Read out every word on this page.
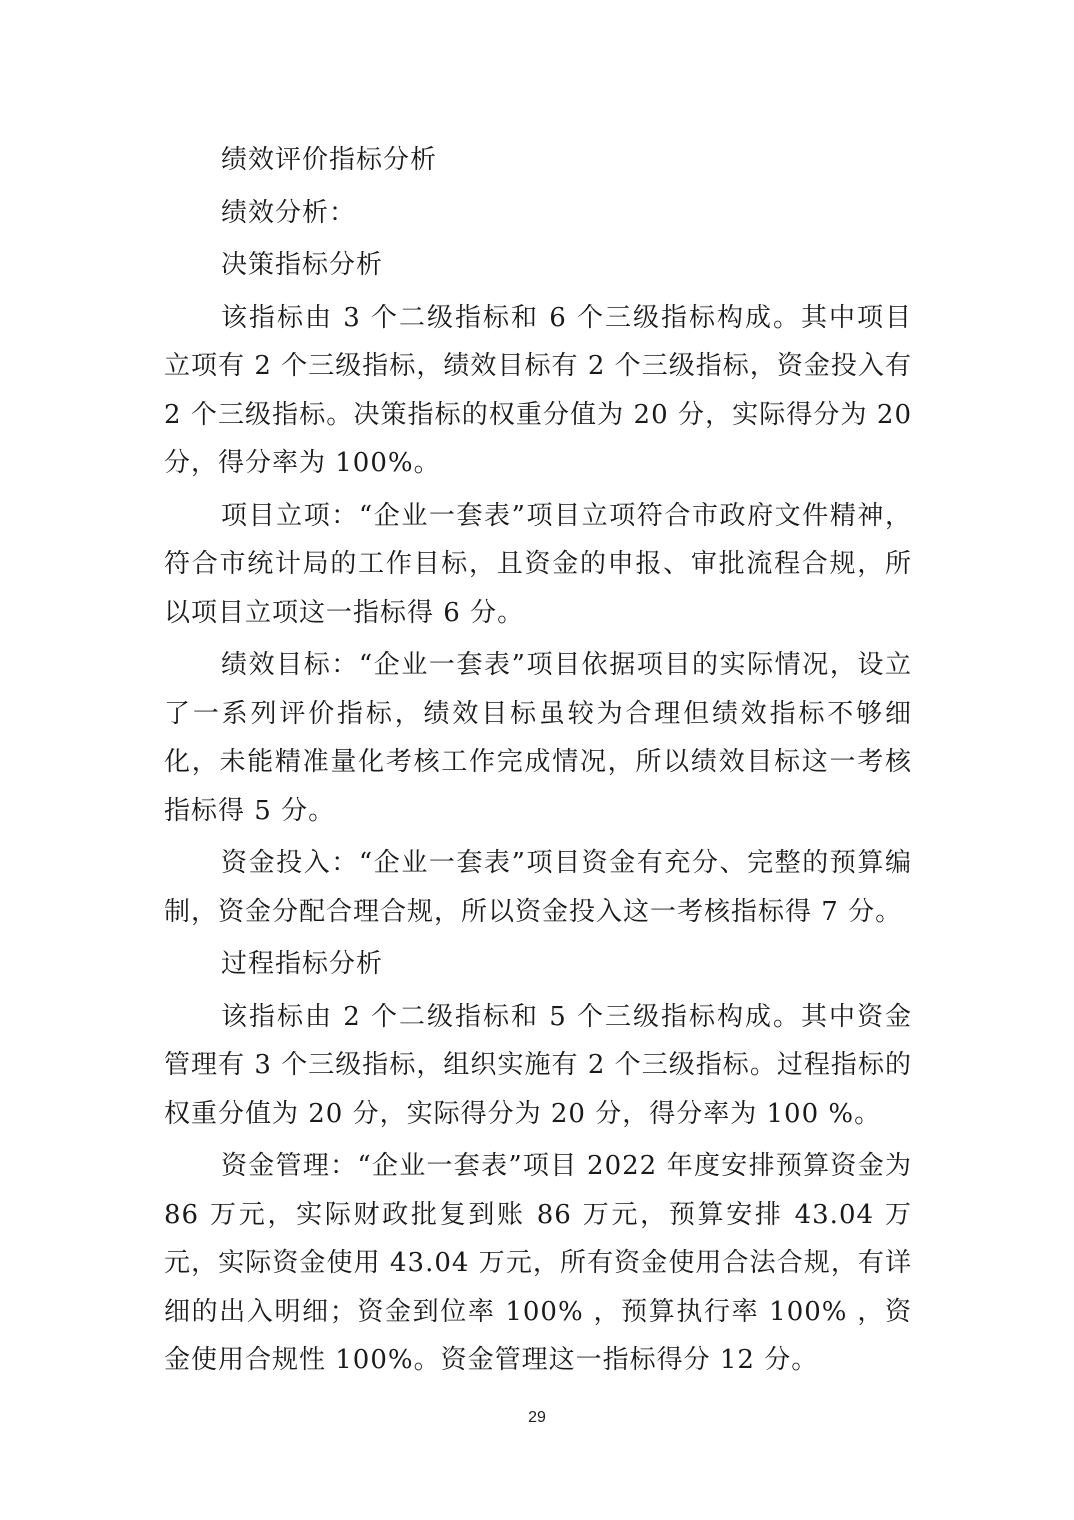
绩效评价指标分析

绩效分析：

决策指标分析

该指标由 3 个二级指标和 6 个三级指标构成。其中项目立项有 2 个三级指标，绩效目标有 2 个三级指标，资金投入有 2 个三级指标。决策指标的权重分值为 20 分，实际得分为 20 分，得分率为 100%。

项目立项：“企业一套表”项目立项符合市政府文件精神，符合市统计局的工作目标，且资金的申报、审批流程合规，所以项目立项这一指标得 6 分。

绩效目标：“企业一套表”项目依据项目的实际情况，设立了一系列评价指标，绩效目标虽较为合理但绩效指标不够细化，未能精准量化考核工作完成情况，所以绩效目标这一考核指标得 5 分。

资金投入：“企业一套表”项目资金有充分、完整的预算编制，资金分配合理合规，所以资金投入这一考核指标得 7 分。

过程指标分析

该指标由 2 个二级指标和 5 个三级指标构成。其中资金管理有 3 个三级指标，组织实施有 2 个三级指标。过程指标的权重分值为 20 分，实际得分为 20 分，得分率为 100 %。

资金管理：“企业一套表”项目 2022 年度安排预算资金为 86 万元，实际财政批复到账 86 万元，预算安排 43.04 万元，实际资金使用 43.04 万元，所有资金使用合法合规，有详细的出入明细；资金到位率 100% ，预算执行率 100% ，资金使用合规性 100%。资金管理这一指标得分 12 分。

29
